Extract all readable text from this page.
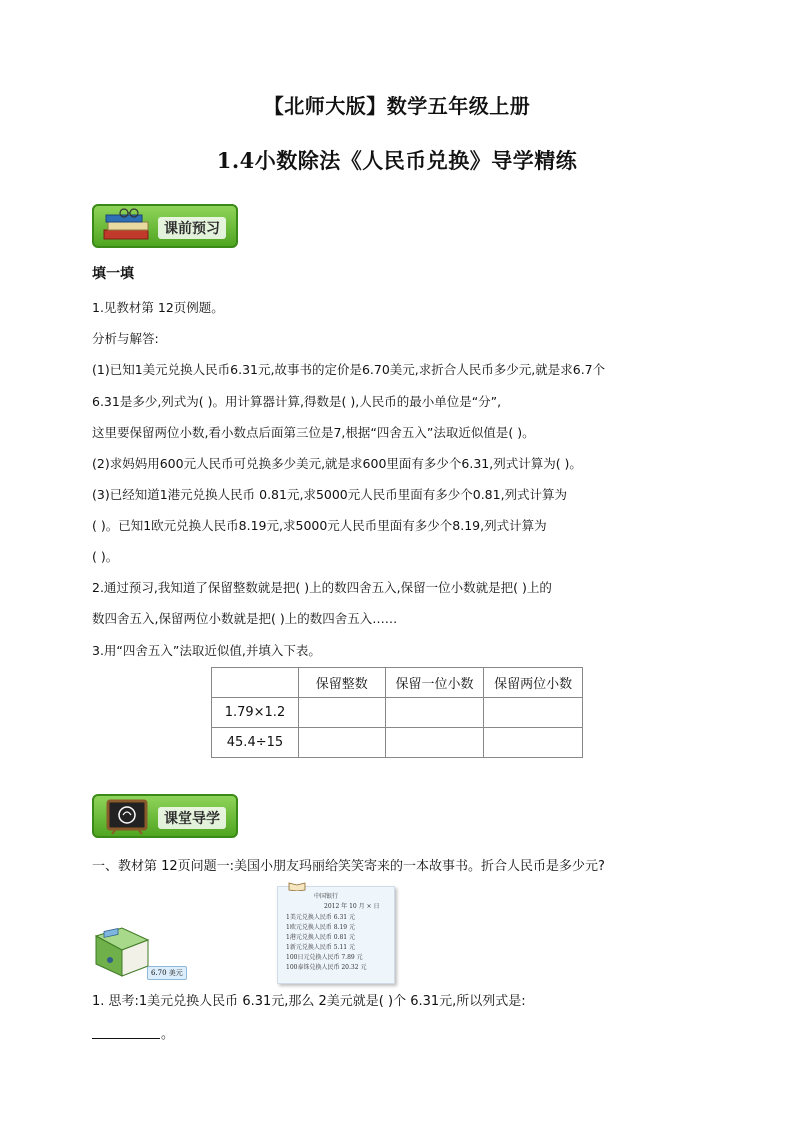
【北师大版】数学五年级上册
1.4小数除法《人民币兑换》导学精练
课前预习
填一填
1.见教材第 12页例题。
分析与解答:
(1)已知1美元兑换人民币6.31元,故事书的定价是6.70美元,求折合人民币多少元,就是求6.7个
6.31是多少,列式为( )。用计算器计算,得数是( ),人民币的最小单位是“分”,
这里要保留两位小数,看小数点后面第三位是7,根据“四舍五入”法取近似值是( )。
(2)求妈妈用600元人民币可兑换多少美元,就是求600里面有多少个6.31,列式计算为( )。
(3)已经知道1港元兑换人民币 0.81元,求5000元人民币里面有多少个0.81,列式计算为
( )。已知1欧元兑换人民币8.19元,求5000元人民币里面有多少个8.19,列式计算为
( )。
2.通过预习,我知道了保留整数就是把( )上的数四舍五入,保留一位小数就是把( )上的
数四舍五入,保留两位小数就是把( )上的数四舍五入……
3.用“四舍五入”法取近似值,并填入下表。
	保留整数	保留一位小数	保留两位小数
1.79×1.2			
45.4÷15			
课堂导学
一、教材第 12页问题一:美国小朋友玛丽给笑笑寄来的一本故事书。折合人民币是多少元?
6.70 美元
中国银行
2012 年 10 月 × 日
1美元兑换人民币 6.31 元
1欧元兑换人民币 8.19 元
1港元兑换人民币 0.81 元
1新元兑换人民币 5.11 元
100日元兑换人民币 7.89 元
100泰铢兑换人民币 20.32 元
1. 思考:1美元兑换人民币 6.31元,那么 2美元就是( )个 6.31元,所以列式是:
。
